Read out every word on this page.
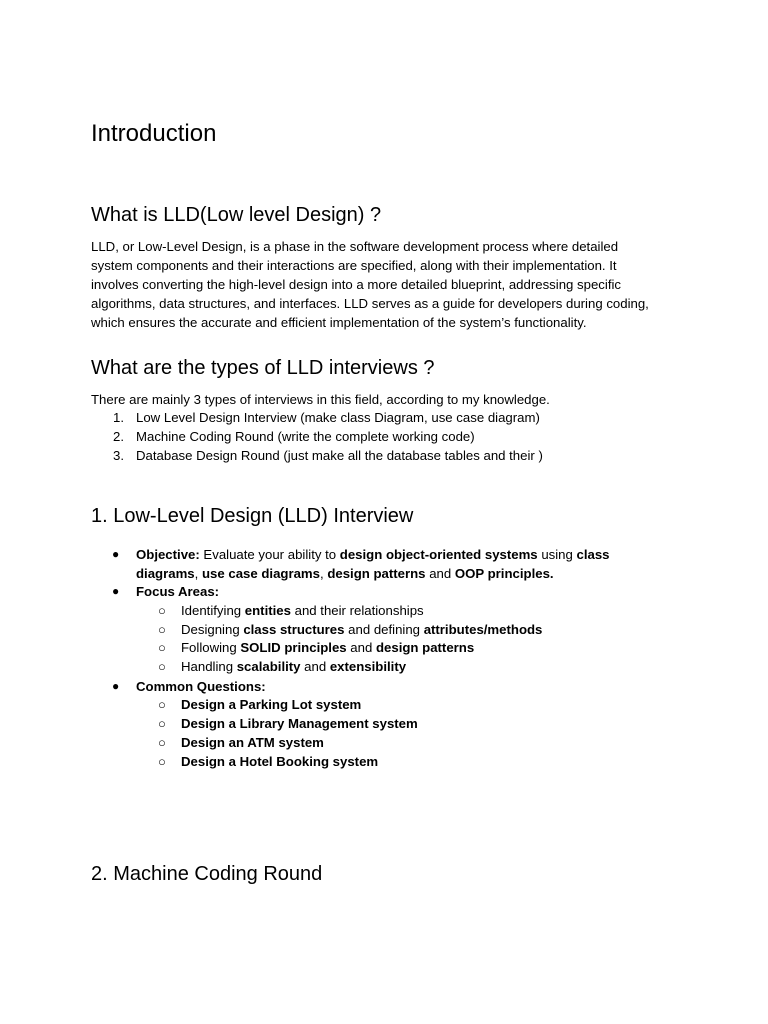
Introduction
What is LLD(Low level Design) ?
LLD, or Low-Level Design, is a phase in the software development process where detailed
system components and their interactions are specified, along with their implementation. It
involves converting the high-level design into a more detailed blueprint, addressing specific
algorithms, data structures, and interfaces. LLD serves as a guide for developers during coding,
which ensures the accurate and efficient implementation of the system’s functionality.
What are the types of LLD interviews ?
There are mainly 3 types of interviews in this field, according to my knowledge.
1. Low Level Design Interview (make class Diagram, use case diagram)
2. Machine Coding Round (write the complete working code)
3. Database Design Round (just make all the database tables and their )
1. Low-Level Design (LLD) Interview
● Objective: Evaluate your ability to design object-oriented systems using class
diagrams, use case diagrams, design patterns and OOP principles.
● Focus Areas:
○ Identifying entities and their relationships
○ Designing class structures and defining attributes/methods
○ Following SOLID principles and design patterns
○ Handling scalability and extensibility
● Common Questions:
○ Design a Parking Lot system
○ Design a Library Management system
○ Design an ATM system
○ Design a Hotel Booking system
2. Machine Coding Round
